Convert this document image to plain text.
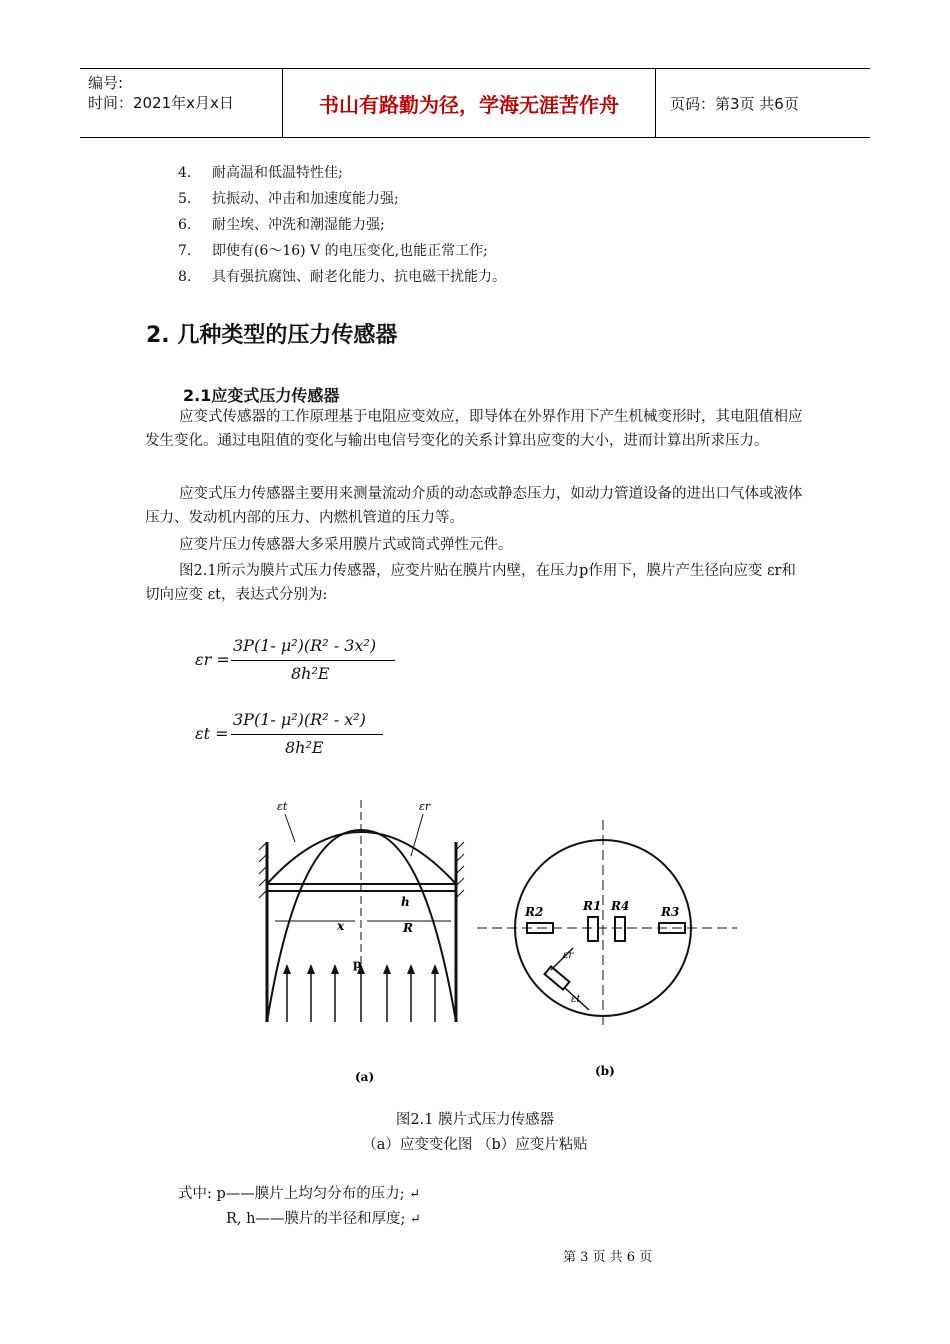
编号:
时间：2021年x月x日	书山有路勤为径，学海无涯苦作舟	页码：第3页 共6页
4. 耐高温和低温特性佳;
5. 抗振动、冲击和加速度能力强;
6. 耐尘埃、冲洗和潮湿能力强;
7. 即使有(6～16) V 的电压变化,也能正常工作;
8. 具有强抗腐蚀、耐老化能力、抗电磁干扰能力。
2. 几种类型的压力传感器
2.1应变式压力传感器
应变式传感器的工作原理基于电阻应变效应，即导体在外界作用下产生机械变形时，其电阻值相应发生变化。通过电阻值的变化与输出电信号变化的关系计算出应变的大小，进而计算出所求压力。
应变式压力传感器主要用来测量流动介质的动态或静态压力，如动力管道设备的进出口气体或液体压力、发动机内部的压力、内燃机管道的压力等。
应变片压力传感器大多采用膜片式或筒式弹性元件。
图2.1所示为膜片式压力传感器，应变片贴在膜片内壁，在压力p作用下，膜片产生径向应变 εr和切向应变 εt，表达式分别为:
εr =
3P(1- μ²)(R² - 3x²)
8h²E
εt =
3P(1- μ²)(R² - x²)
8h²E
εt	εr
h
x	R
p
(a)
R2	R1 R4	R3
εr
εt
(b)
图2.1 膜片式压力传感器
（a）应变变化图 （b）应变片粘贴
式中: p——膜片上均匀分布的压力; ↵
R, h——膜片的半径和厚度; ↵
第 3 页 共 6 页
